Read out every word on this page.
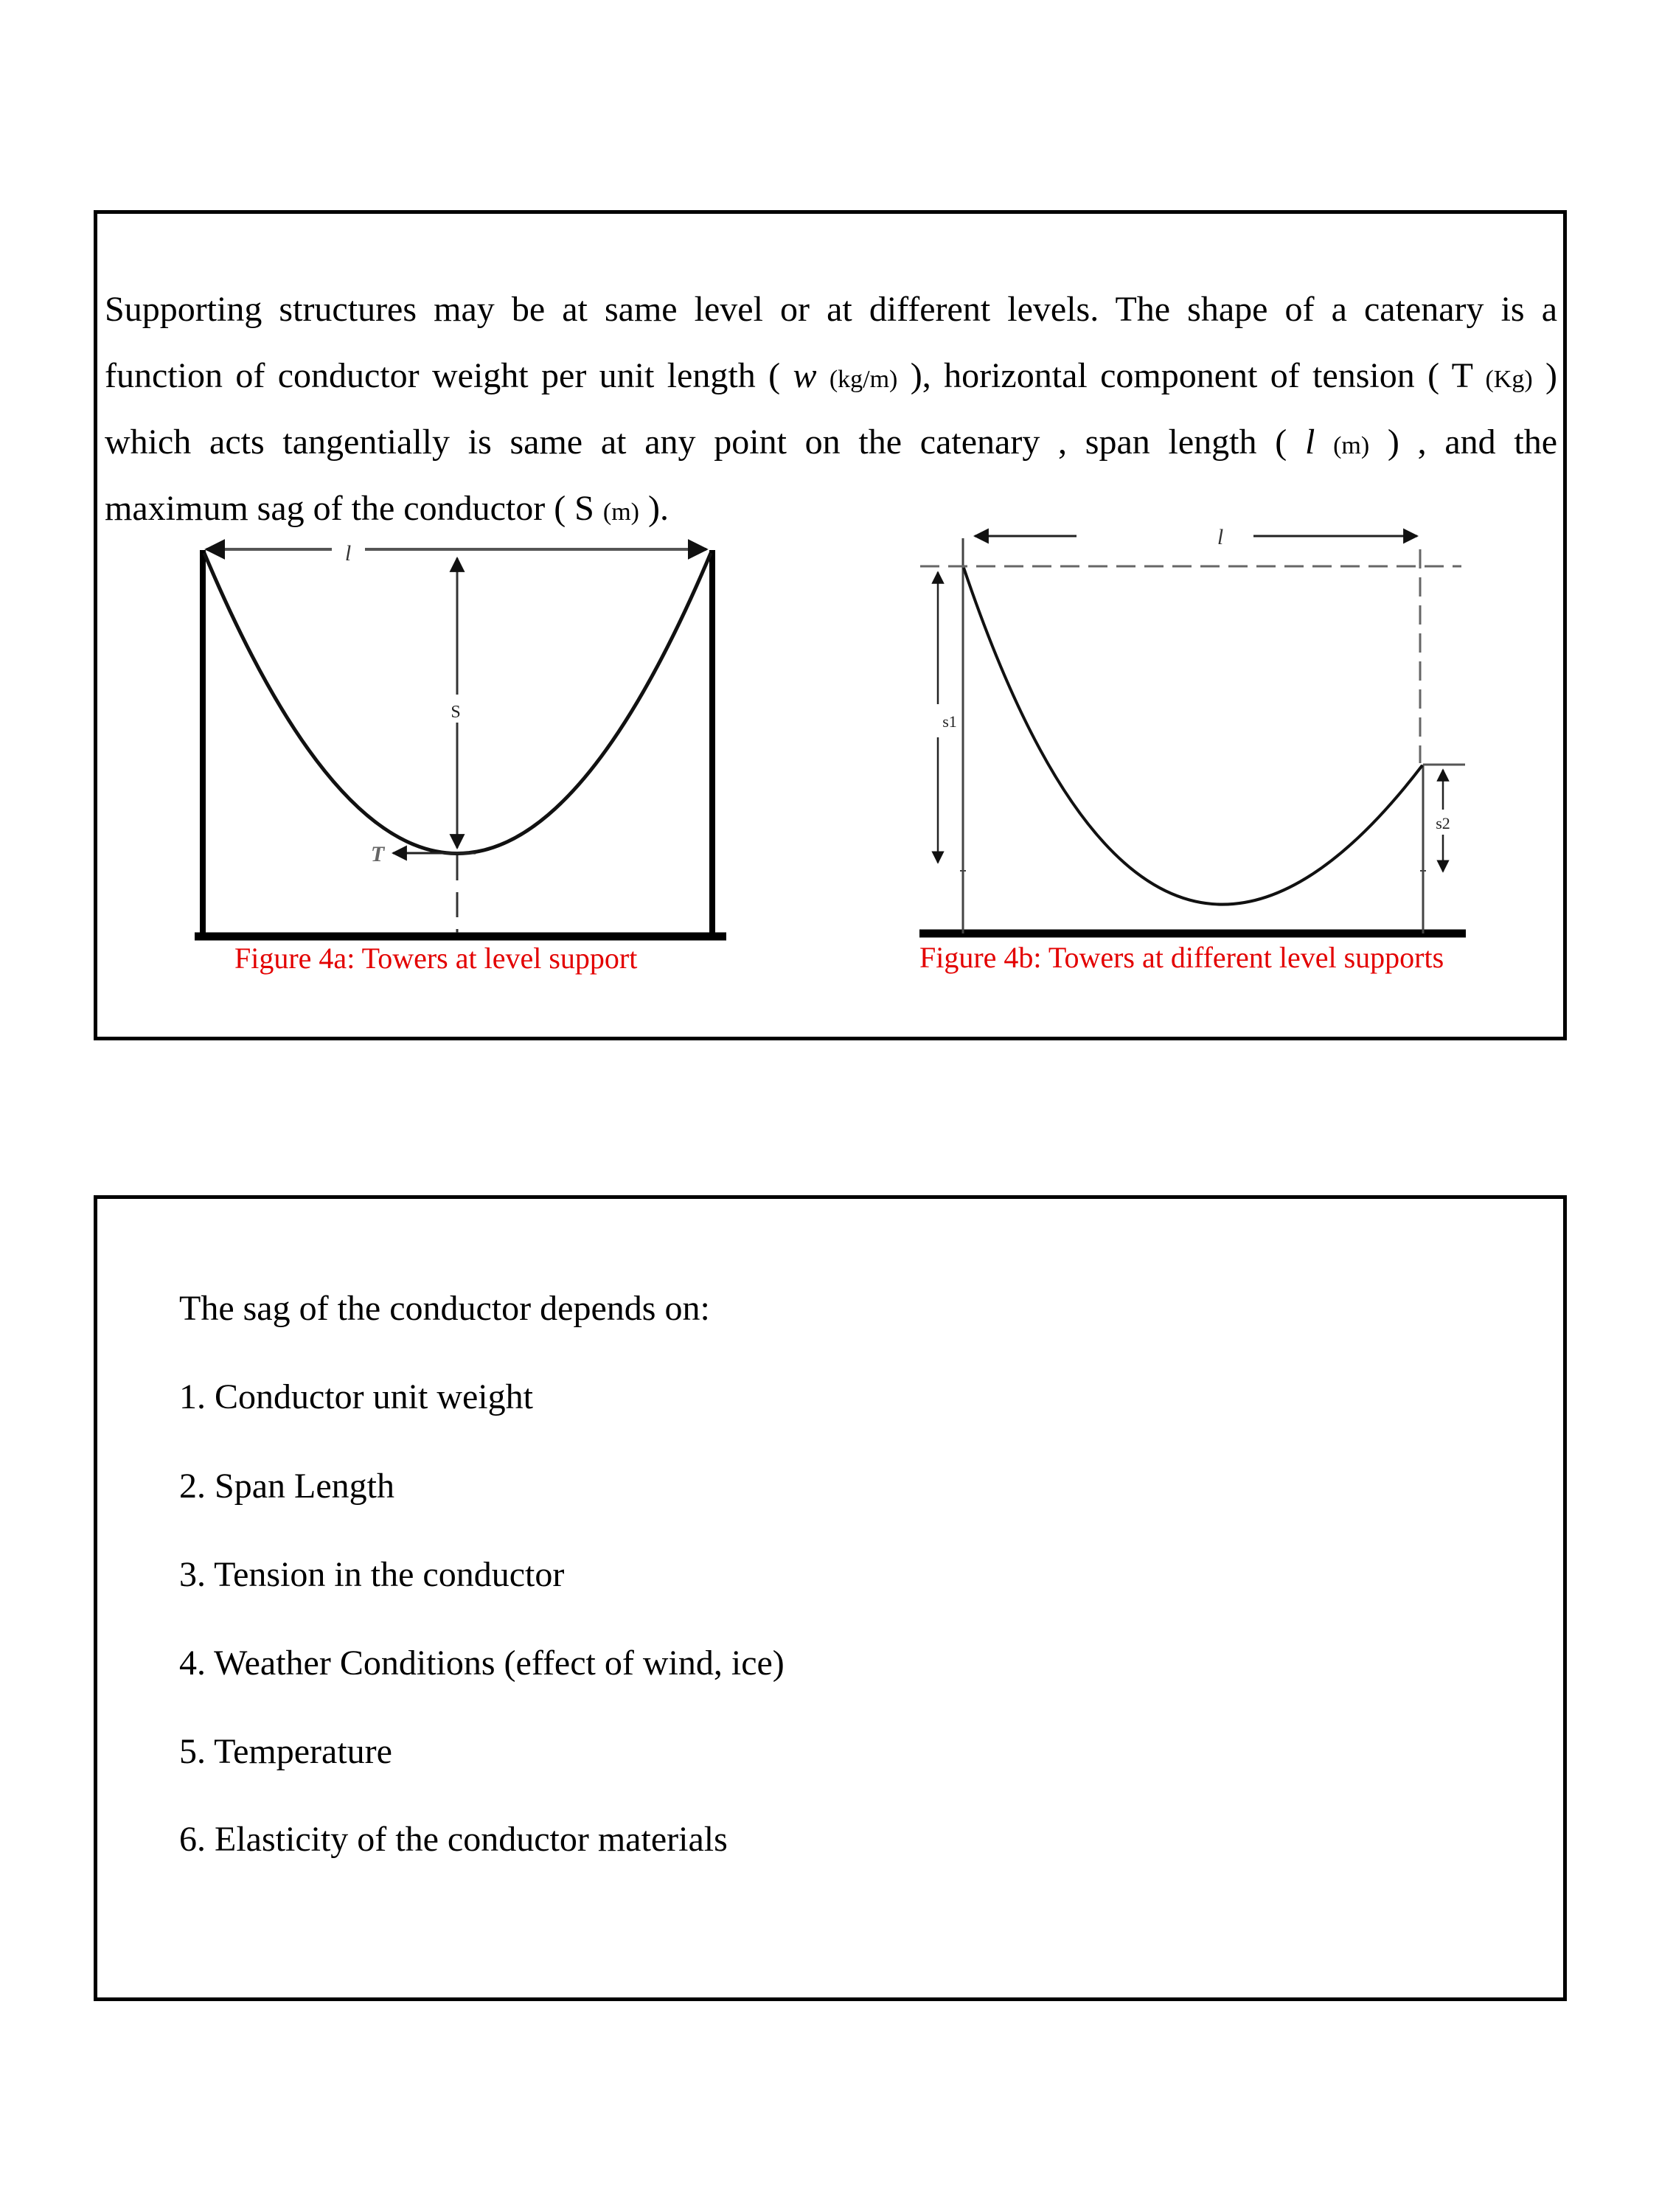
Supporting structures may be at same level or at different levels. The shape of a catenary is a
function of conductor weight per unit length ( w (kg/m) ), horizontal component of tension ( T (Kg) )
which acts tangentially is same at any point on the catenary , span length ( l (m) ) , and the
maximum sag of the conductor ( S (m) ).
l
S
T
l
s1
s2
Figure 4a: Towers at level support	Figure 4b: Towers at different level supports
The sag of the conductor depends on:
1. Conductor unit weight
2. Span Length
3. Tension in the conductor
4. Weather Conditions (effect of wind, ice)
5. Temperature
6. Elasticity of the conductor materials
